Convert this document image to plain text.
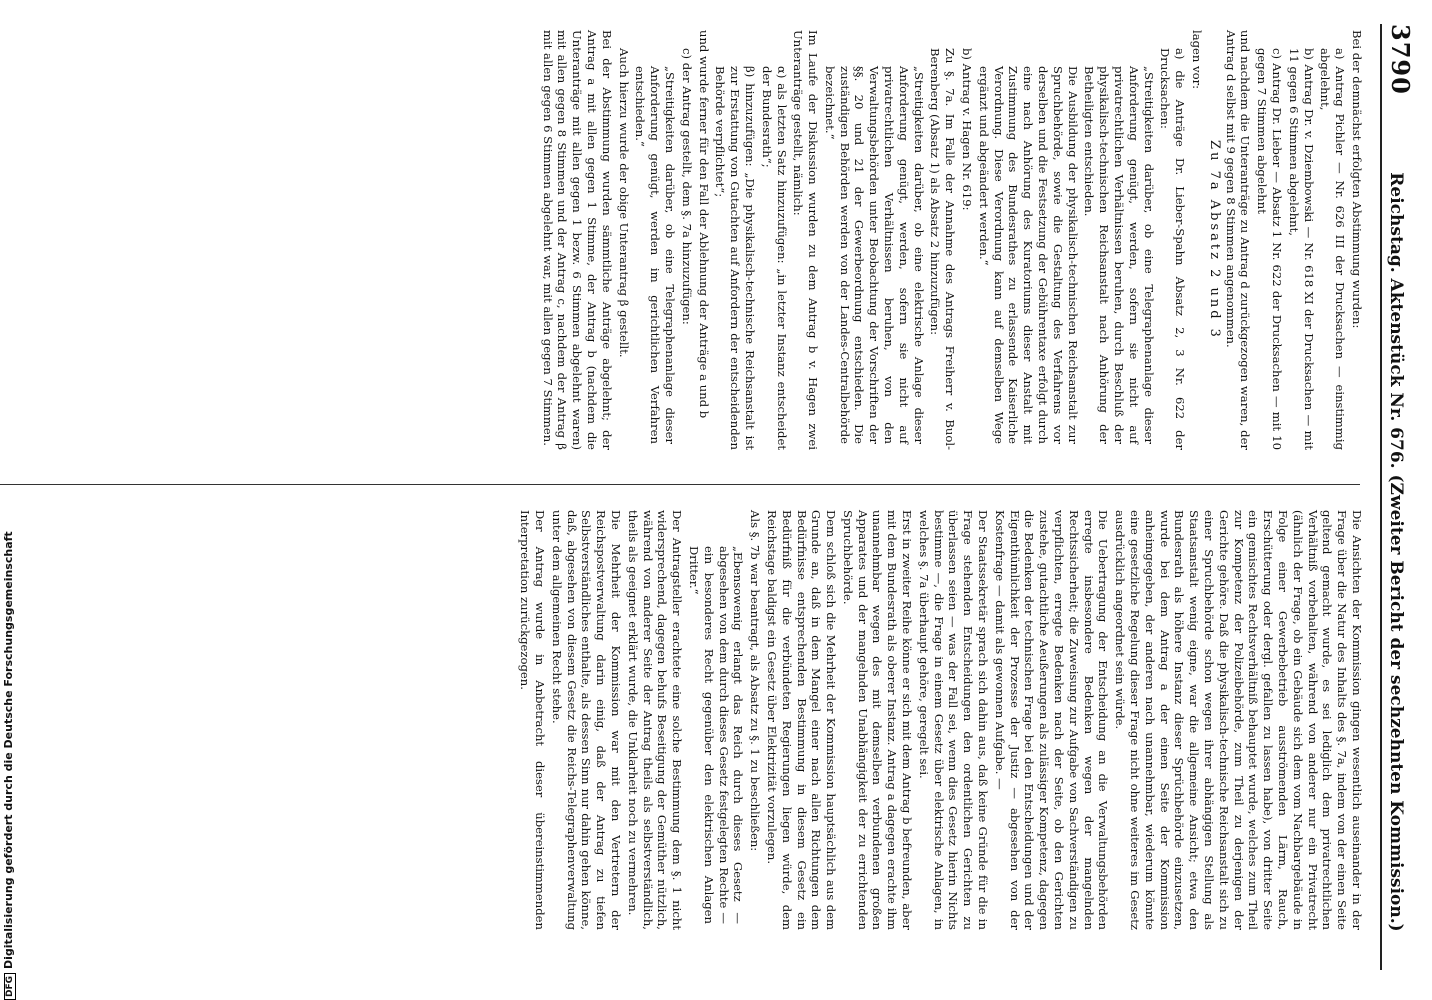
3790
Reichstag. Aktenstück Nr. 676. (Zweiter Bericht der sechzehnten Kommission.)

Bei der demnächst erfolgten Abstimmung wurden:

a) Antrag Pichler — Nr. 626 III der Drucksachen — einstimmig abgelehnt,

b) Antrag Dr. v. Dziembowski — Nr. 618 XI der Drucksachen — mit 11 gegen 6 Stimmen abgelehnt,

c) Antrag Dr. Lieber — Absatz 1 Nr. 622 der Drucksachen — mit 10 gegen 7 Stimmen abgelehnt

und nachdem die Unteranträge zu Antrag d zurückgezogen waren, der Antrag d selbst mit 9 gegen 8 Stimmen angenommen.

Zu 7a Absatz 2 und 3

lagen vor:

a) die Anträge Dr. Lieber-Spahn Absatz 2, 3 Nr. 622 der Drucksachen:

„Streitigkeiten darüber, ob eine Telegraphenanlage dieser Anforderung genügt, werden, sofern sie nicht auf privatrechtlichen Verhältnissen beruhen, durch Beschluß der physikalisch-technischen Reichsanstalt nach Anhörung der Betheiligten entschieden.

Die Ausbildung der physikalisch-technischen Reichsanstalt zur Spruchbehörde, sowie die Gestaltung des Verfahrens vor derselben und die Festsetzung der Gebührentaxe erfolgt durch eine nach Anhörung des Kuratoriums dieser Anstalt mit Zustimmung des Bundesrathes zu erlassende Kaiserliche Verordnung. Diese Verordnung kann auf demselben Wege ergänzt und abgeändert werden.“

b) Antrag v. Hagen Nr. 619:

Zu §. 7a. Im Falle der Annahme des Antrags Freiherr v. Buol-Berenberg (Absatz 1) als Absatz 2 hinzuzufügen:

„Streitigkeiten darüber, ob eine elektrische Anlage dieser Anforderung genügt, werden, sofern sie nicht auf privatrechtlichen Verhältnissen beruhen, von den Verwaltungsbehörden unter Beobachtung der Vorschriften der §§. 20 und 21 der Gewerbeordnung entschieden. Die zuständigen Behörden werden von der Landes-Centralbehörde bezeichnet.“

Im Laufe der Diskussion wurden zu dem Antrag b v. Hagen zwei Unteranträge gestellt, nämlich:

α) als letzten Satz hinzuzufügen: „in letzter Instanz entscheidet der Bundesrath“;

β) hinzuzufügen: „Die physikalisch-technische Reichsanstalt ist zur Erstattung von Gutachten auf Anfordern der entscheidenden Behörde verpflichtet“;

und wurde ferner für den Fall der Ablehnung der Anträge a und b

c) der Antrag gestellt, dem §. 7a hinzuzufügen:

„Streitigkeiten darüber, ob eine Telegraphenanlage dieser Anforderung genügt, werden im gerichtlichen Verfahren entschieden.“

Auch hierzu wurde der obige Unterantrag β gestellt.

Bei der Abstimmung wurden sämmtliche Anträge abgelehnt; der Antrag a mit allen gegen 1 Stimme, der Antrag b (nachdem die Unteranträge mit allen gegen 1 bezw. 6 Stimmen abgelehnt waren) mit allen gegen 8 Stimmen und der Antrag c, nachdem der Antrag β mit allen gegen 6 Stimmen abgelehnt war, mit allen gegen 7 Stimmen.

Die Ansichten der Kommission gingen wesentlich auseinander in der Frage über die Natur des Inhalts des §. 7a, indem von der einen Seite geltend gemacht wurde, es sei lediglich dem privatrechtlichen Verhältniß vorbehalten, während von anderer nur ein Privatrecht (ähnlich der Frage, ob ein Gebäude sich dem vom Nachbargebäude in Folge einer Gewerbebetrieb ausströmenden Lärm, Rauch, Erschütterung oder dergl. gefallen zu lassen habe), von dritter Seite ein gemischtes Rechtsverhältniß behauptet wurde, welches zum Theil zur Kompetenz der Polizeibehörde, zum Theil zu derjenigen der Gerichte gehöre. Daß die physikalisch-technische Reichsanstalt sich zu einer Spruchbehörde schon wegen ihrer abhängigen Stellung als Staatsanstalt wenig eigne, war die allgemeine Ansicht; etwa den Bundesrath als höhere Instanz dieser Sprüchbehörde einzusetzen, wurde bei dem Antrag a der einen Seite der Kommission anheimgegeben, der anderen nach unannehmbar, wiederum könnte eine gesetzliche Regelung dieser Frage nicht ohne weiteres im Gesetz ausdrücklich angeordnet sein würde.

Die Uebertragung der Entscheidung an die Verwaltungsbehörden erregte insbesondere Bedenken wegen der mangelnden Rechtssicherheit; die Zuweisung zur Aufgabe von Sachverständigen zu verpflichten, erregte Bedenken nach der Seite, ob den Gerichten zustehe, gutachtliche Aeußerungen als zulässiger Kompetenz, dagegen die Bedenken der technischen Frage bei den Entscheidungen und der Eigenthümlichkeit der Prozesse der Justiz — abgesehen von der Kostenfrage — damit als gewonnen Aufgabe. —

Der Staatssekretär sprach sich dahin aus, daß keine Gründe für die in Frage stehenden Entscheidungen den ordentlichen Gerichten zu überlassen seien — was der Fall sei, wenn dies Gesetz hierin Nichts bestimme —, die Frage in einem Gesetz über elektrische Anlagen, in welches §. 7a überhaupt gehöre, geregelt sei.

Erst in zweiter Reihe könne er sich mit dem Antrag b befreunden, aber mit dem Bundesrath als oberer Instanz. Antrag a dagegen erachte ihm unannehmbar wegen des mit demselben verbundenen großen Apparates und der mangelnden Unabhängigkeit der zu errichtenden Spruchbehörde.

Dem schloß sich die Mehrheit der Kommission hauptsächlich aus dem Grunde an, daß in dem Mangel einer nach allen Richtungen dem Bedürfnisse entsprechenden Bestimmung in diesem Gesetz ein Bedürfniß für die verbündeten Regierungen liegen würde, dem Reichstage baldigst ein Gesetz über Elektrizität vorzulegen.

Als §. 7b war beantragt, als Absatz zu §. 1 zu beschließen:

„Ebensowenig erlangt das Reich durch dieses Gesetz — abgesehen von dem durch dieses Gesetz festgelegten Rechte — ein besonderes Recht gegenüber den elektrischen Anlagen Dritter.“

Der Antragsteller erachtete eine solche Bestimmung dem §. 1 nicht widersprechend, dagegen behufs Beseitigung der Gemüther nützlich, während von anderer Seite der Antrag theils als selbstverständlich, theils als geeignet erklärt wurde, die Unklarheit noch zu vermehren.

Die Mehrheit der Kommission war mit den Vertretern der Reichspostverwaltung darin einig, daß der Antrag zu tiefen Selbstverständliches enthalte, als dessen Sinn nur dahin gehen könne, daß, abgesehen von diesem Gesetz die Reichs-Telegraphenverwaltung unter dem allgemeinen Recht stehe.

Der Antrag wurde in Anbetracht dieser übereinstimmenden Interpretation zurückgezogen.

DFGDigitalisierung gefördert durch die Deutsche Forschungsgemeinschaft
